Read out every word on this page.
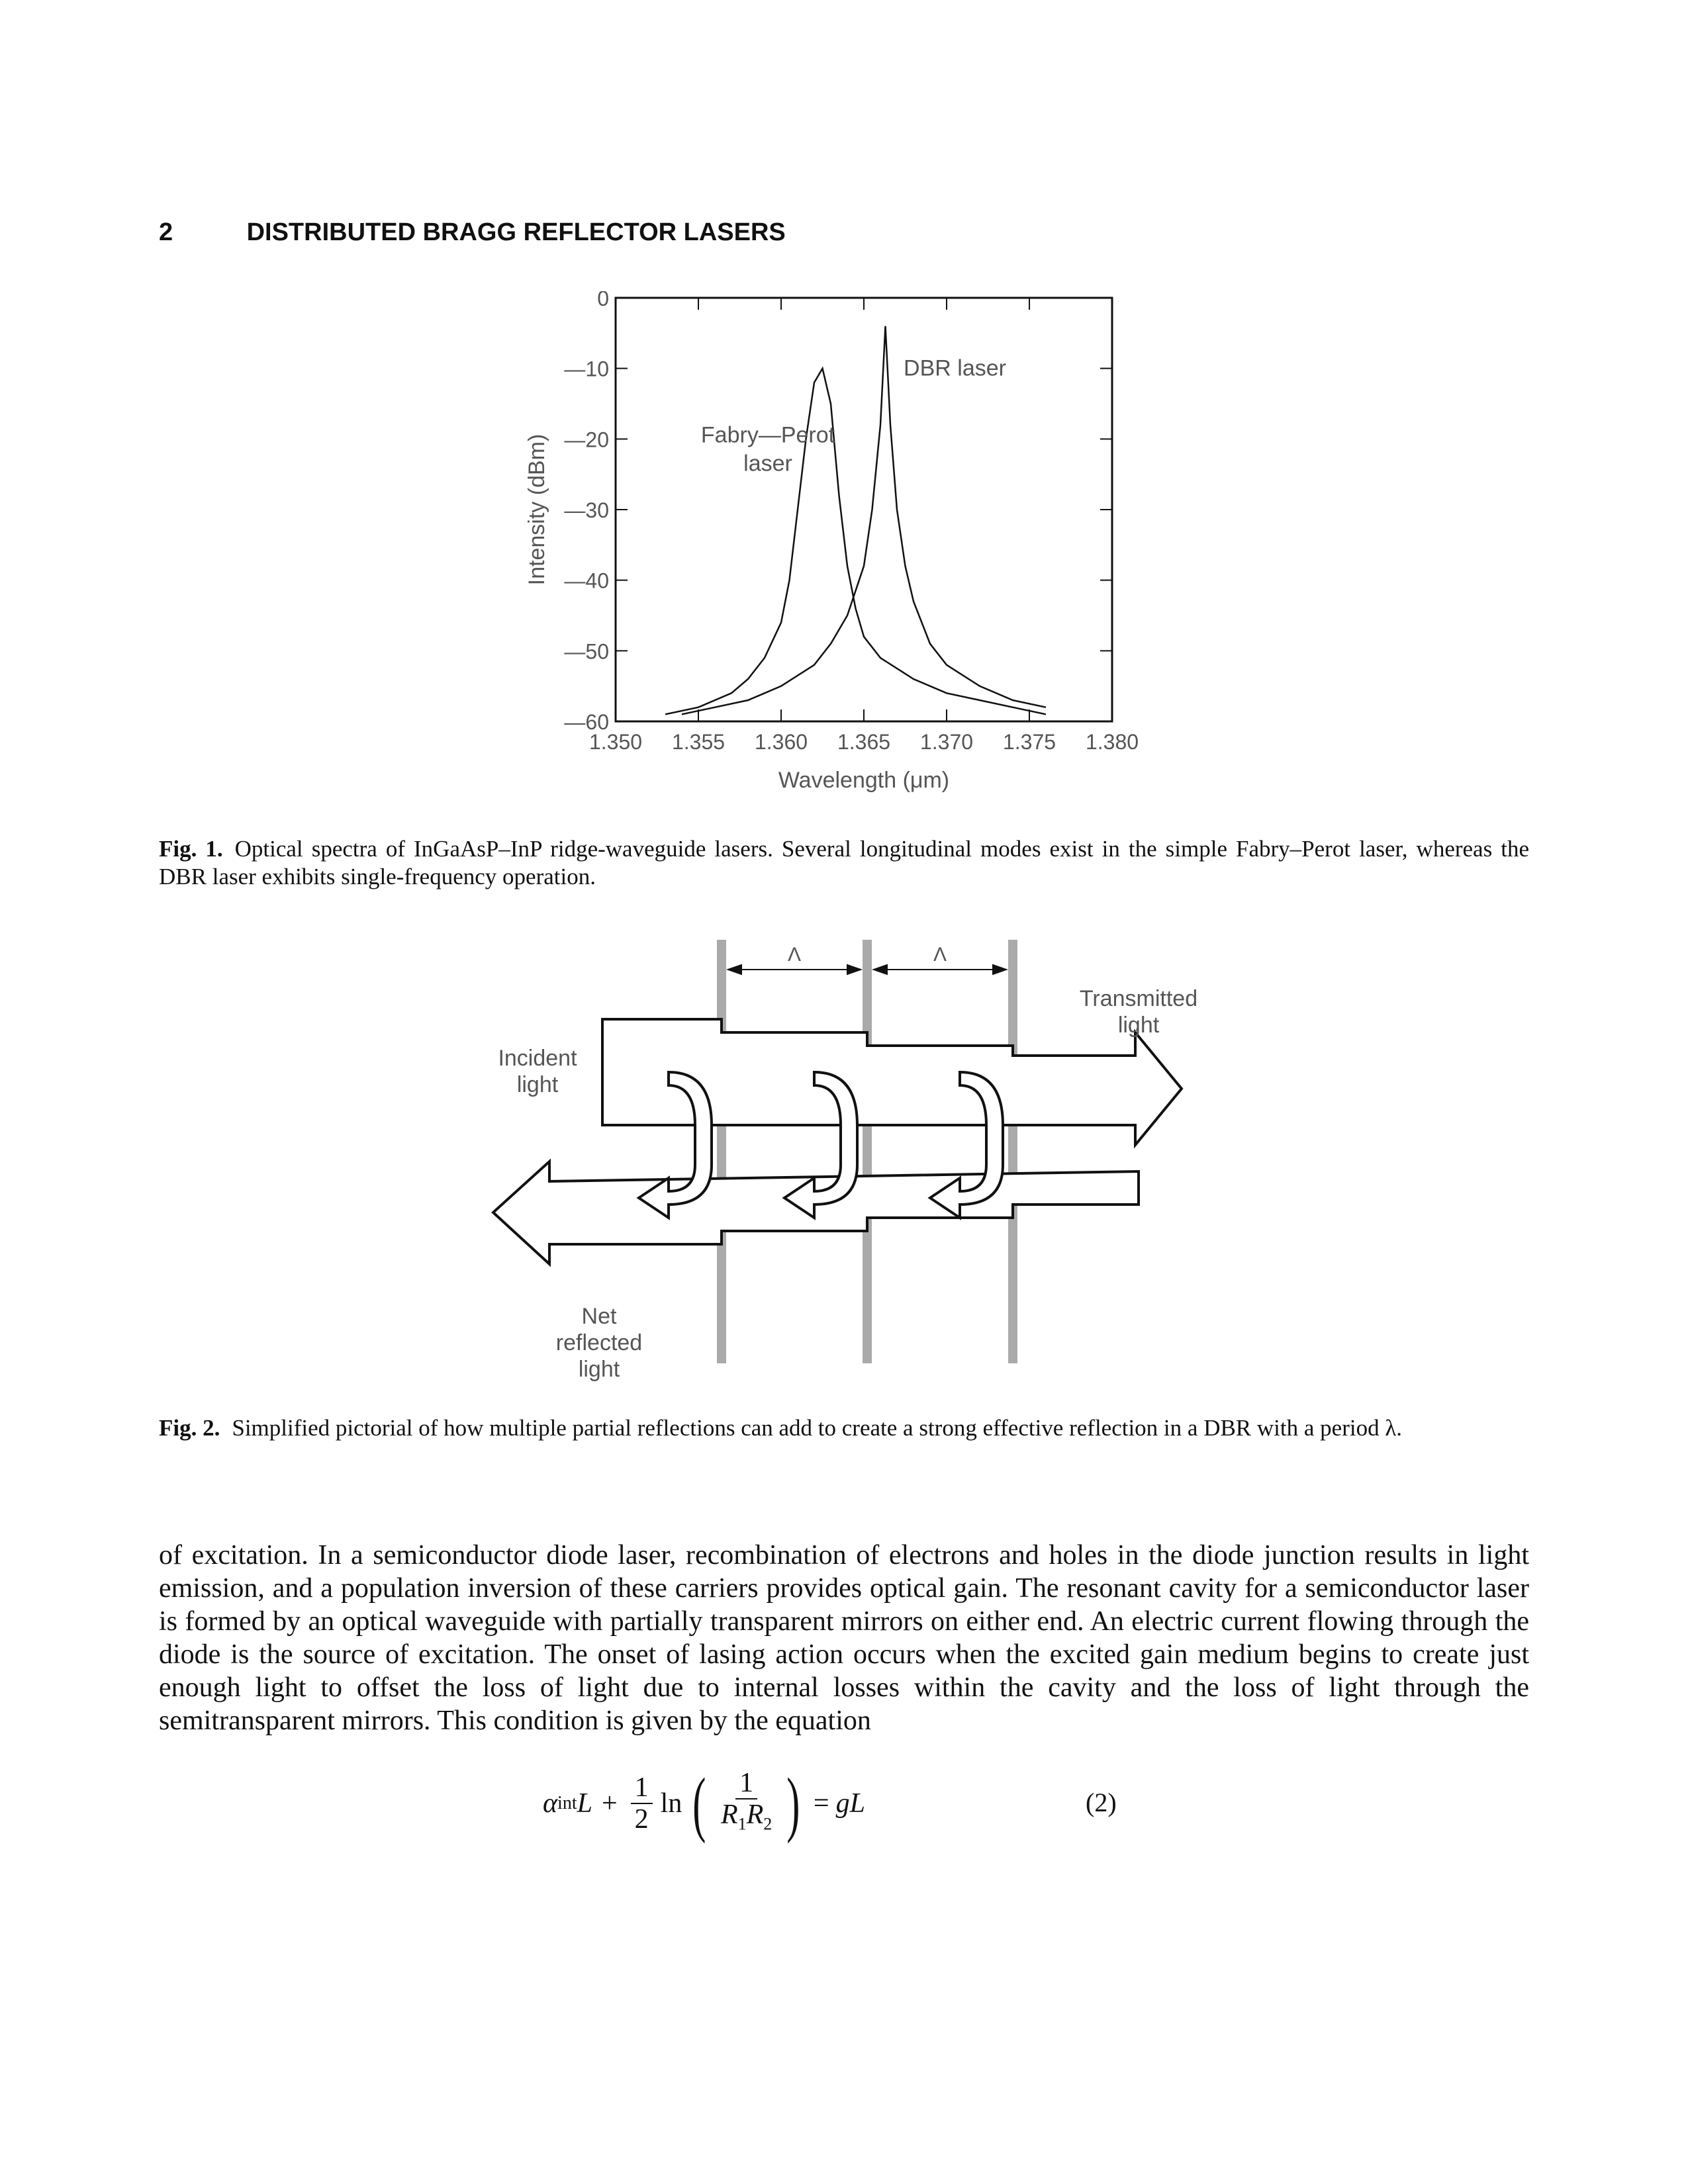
2	DISTRIBUTED BRAGG REFLECTOR LASERS
0
—10
—20
—30
—40
—50
—60
1.350 1.355 1.360 1.365 1.370 1.375 1.380
Wavelength (μm)
Intensity (dBm)	Fabry—Perot
laser
DBR laser
Fig. 1. Optical spectra of InGaAsP–InP ridge-waveguide lasers. Several longitudinal modes exist in the simple Fabry–Perot laser, whereas the DBR laser exhibits single-frequency operation.
Λ	Λ
Incident
light
Transmitted
light
Net
reflected
light
Fig. 2. Simplified pictorial of how multiple partial reflections can add to create a strong effective reflection in a DBR with a period λ.
of excitation. In a semiconductor diode laser, recombination of electrons and holes in the diode junction results in light emission, and a population inversion of these carriers provides optical gain. The resonant cavity for a semiconductor laser is formed by an optical waveguide with partially transparent mirrors on either end. An electric current flowing through the diode is the source of excitation. The onset of lasing action occurs when the excited gain medium begins to create just enough light to offset the loss of light due to internal losses within the cavity and the loss of light through the semitransparent mirrors. This condition is given by the equation
α int $L + \frac{1}{2}$ ln ( $\frac{1}{R_1R_2}$ ) = gL	(2)
